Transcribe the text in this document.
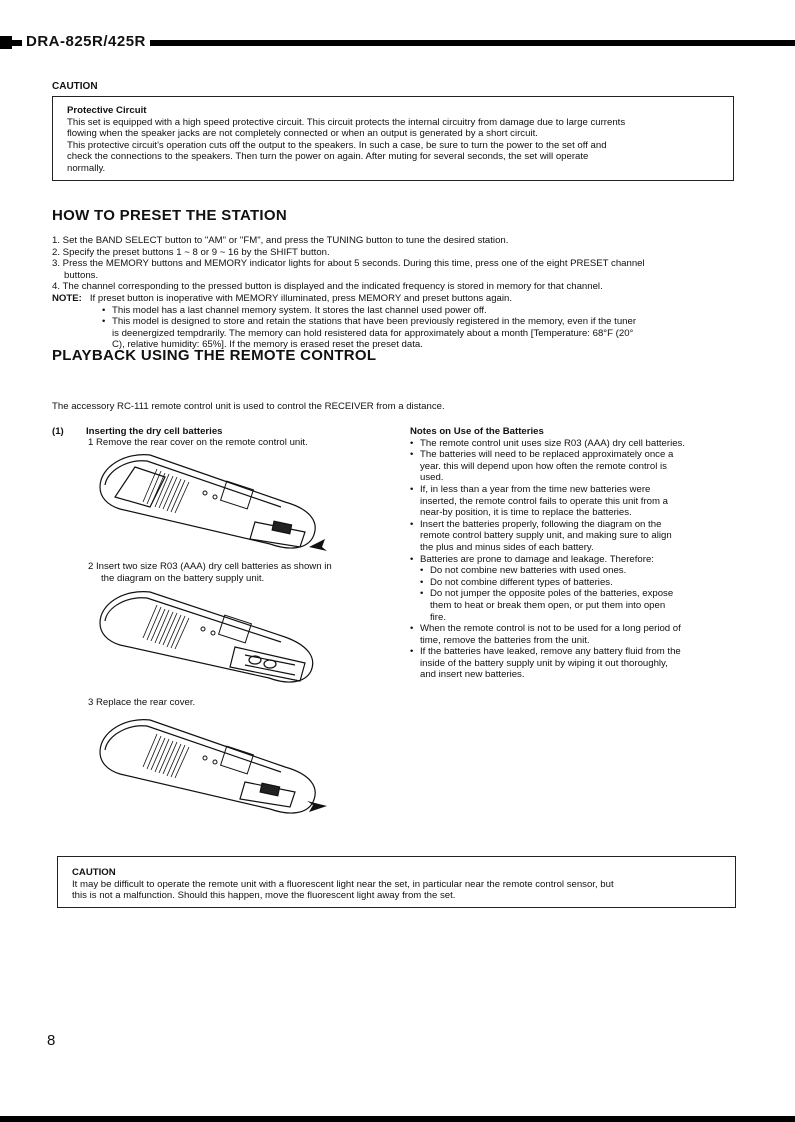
DRA-825R/425R
CAUTION

Protective Circuit

This set is equipped with a high speed protective circuit. This circuit protects the internal circuitry from damage due to large currents

flowing when the speaker jacks are not completely connected or when an output is generated by a short circuit.

This protective circuit's operation cuts off the output to the speakers. In such a case, be sure to turn the power to the set off and

check the connections to the speakers. Then turn the power on again. After muting for several seconds, the set will operate

normally.

HOW TO PRESET THE STATION

1. Set the BAND SELECT button to "AM" or "FM", and press the TUNING button to tune the desired station.

2. Specify the preset buttons 1 ~ 8 or 9 ~ 16 by the SHIFT button.

3. Press the MEMORY buttons and MEMORY indicator lights for about 5 seconds. During this time, press one of the eight PRESET channel

buttons.

4. The channel corresponding to the pressed button is displayed and the indicated frequency is stored in memory for that channel.

NOTE: If preset button is inoperative with MEMORY illuminated, press MEMORY and preset buttons again.

• This model has a last channel memory system. It stores the last channel used power off.
• This model is designed to store and retain the stations that have been previously registered in the memory, even if the tuner
is deenergized tempdrarily. The memory can hold resistered data for approximately about a month [Temperature: 68°F (20°
C), relative humidity: 65%]. If the memory is erased reset the preset data.
PLAYBACK USING THE REMOTE CONTROL
The accessory RC-111 remote control unit is used to control the RECEIVER from a distance.
(1) Inserting the dry cell batteries
1 Remove the rear cover on the remote control unit.
2 Insert two size R03 (AAA) dry cell batteries as shown in
the diagram on the battery supply unit.
3 Replace the rear cover.

Notes on Use of the Batteries

• The remote control unit uses size R03 (AAA) dry cell batteries.
• The batteries will need to be replaced approximately once a
year. this will depend upon how often the remote control is
used.
• If, in less than a year from the time new batteries were
inserted, the remote control fails to operate this unit from a
near-by position, it is time to replace the batteries.
• Insert the batteries properly, following the diagram on the
remote control battery supply unit, and making sure to align
the plus and minus sides of each battery.
• Batteries are prone to damage and leakage. Therefore:
• Do not combine new batteries with used ones.
• Do not combine different types of batteries.
• Do not jumper the opposite poles of the batteries, expose
them to heat or break them open, or put them into open
fire.
• When the remote control is not to be used for a long period of
time, remove the batteries from the unit.
• If the batteries have leaked, remove any battery fluid from the
inside of the battery supply unit by wiping it out thoroughly,
and insert new batteries.

CAUTION

It may be difficult to operate the remote unit with a fluorescent light near the set, in particular near the remote control sensor, but

this is not a malfunction. Should this happen, move the fluorescent light away from the set.

8
